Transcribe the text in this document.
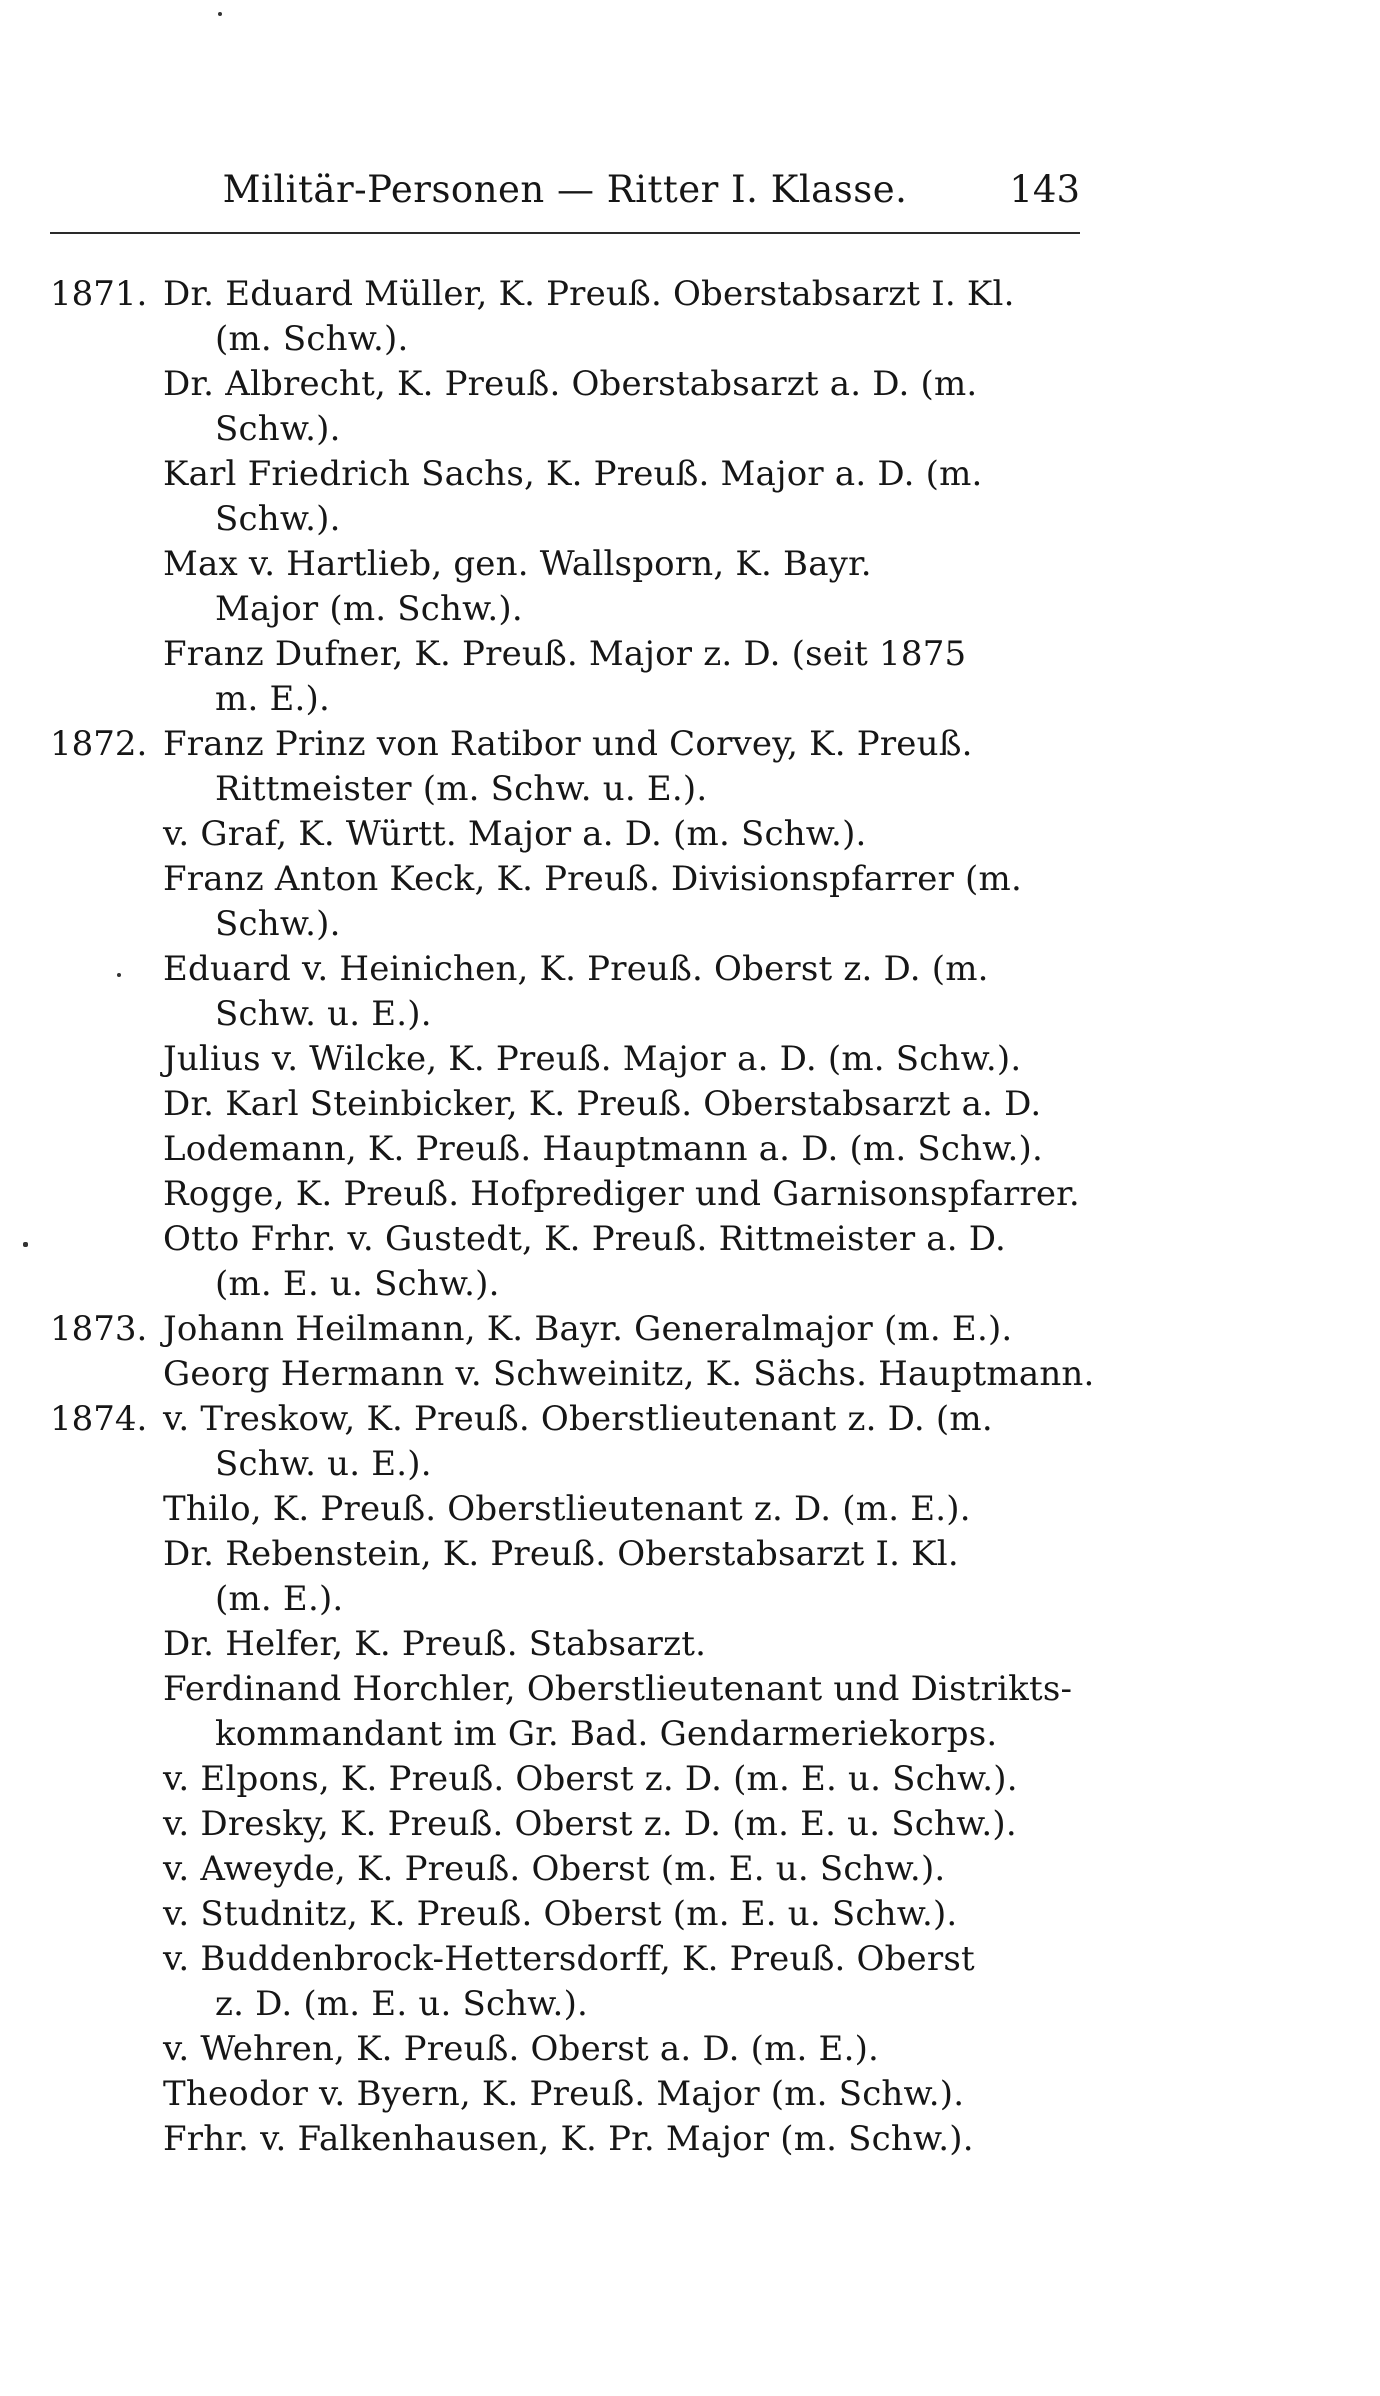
Militär-Personen — Ritter I. Klasse.	143
1871. Dr. Eduard Müller, K. Preuß. Oberstabsarzt I. Kl.
(m. Schw.).
Dr. Albrecht, K. Preuß. Oberstabsarzt a. D. (m.
Schw.).
Karl Friedrich Sachs, K. Preuß. Major a. D. (m.
Schw.).
Max v. Hartlieb, gen. Wallsporn, K. Bayr.
Major (m. Schw.).
Franz Dufner, K. Preuß. Major z. D. (seit 1875
m. E.).
1872. Franz Prinz von Ratibor und Corvey, K. Preuß.
Rittmeister (m. Schw. u. E.).
v. Graf, K. Württ. Major a. D. (m. Schw.).
Franz Anton Keck, K. Preuß. Divisionspfarrer (m.
Schw.).
Eduard v. Heinichen, K. Preuß. Oberst z. D. (m.
Schw. u. E.).
Julius v. Wilcke, K. Preuß. Major a. D. (m. Schw.).
Dr. Karl Steinbicker, K. Preuß. Oberstabsarzt a. D.
Lodemann, K. Preuß. Hauptmann a. D. (m. Schw.).
Rogge, K. Preuß. Hofprediger und Garnisonspfarrer.
Otto Frhr. v. Gustedt, K. Preuß. Rittmeister a. D.
(m. E. u. Schw.).
1873. Johann Heilmann, K. Bayr. Generalmajor (m. E.).
Georg Hermann v. Schweinitz, K. Sächs. Hauptmann.
1874. v. Treskow, K. Preuß. Oberstlieutenant z. D. (m.
Schw. u. E.).
Thilo, K. Preuß. Oberstlieutenant z. D. (m. E.).
Dr. Rebenstein, K. Preuß. Oberstabsarzt I. Kl.
(m. E.).
Dr. Helfer, K. Preuß. Stabsarzt.
Ferdinand Horchler, Oberstlieutenant und Distrikts-
kommandant im Gr. Bad. Gendarmeriekorps.
v. Elpons, K. Preuß. Oberst z. D. (m. E. u. Schw.).
v. Dresky, K. Preuß. Oberst z. D. (m. E. u. Schw.).
v. Aweyde, K. Preuß. Oberst (m. E. u. Schw.).
v. Studnitz, K. Preuß. Oberst (m. E. u. Schw.).
v. Buddenbrock-Hettersdorff, K. Preuß. Oberst
z. D. (m. E. u. Schw.).
v. Wehren, K. Preuß. Oberst a. D. (m. E.).
Theodor v. Byern, K. Preuß. Major (m. Schw.).
Frhr. v. Falkenhausen, K. Pr. Major (m. Schw.).
